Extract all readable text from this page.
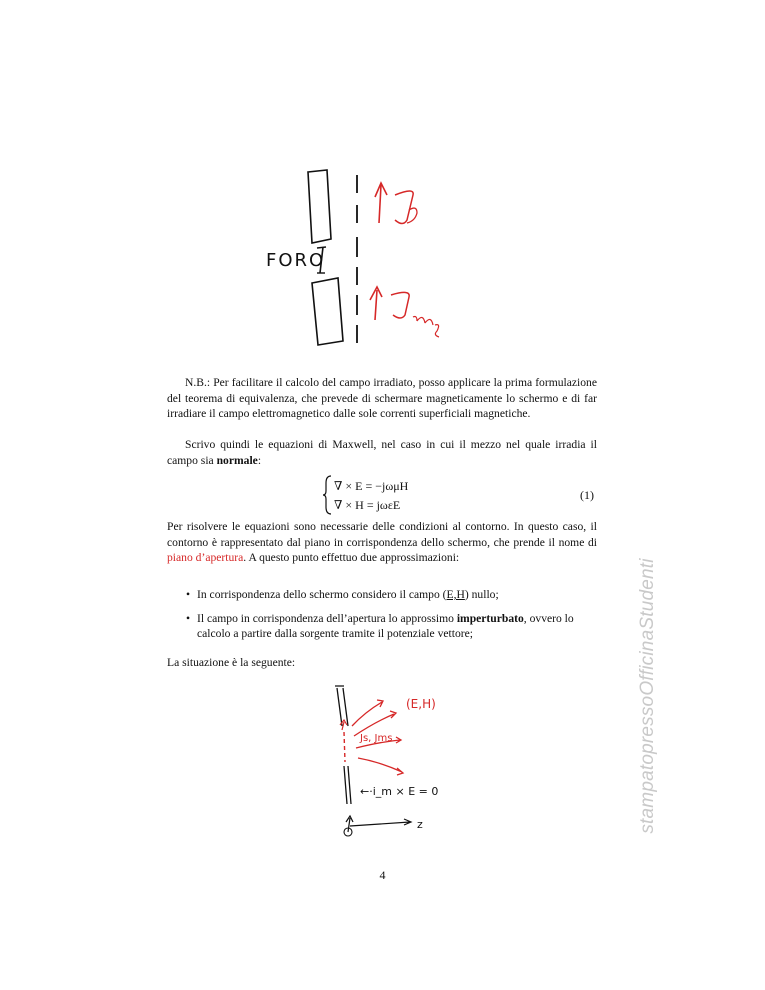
FORO

N.B.: Per facilitare il calcolo del campo irradiato, posso applicare la prima formulazione del teorema di equivalenza, che prevede di schermare magneticamente lo schermo e di far irradiare il campo elettromagnetico dalle sole correnti superficiali magnetiche.

Scrivo quindi le equazioni di Maxwell, nel caso in cui il mezzo nel quale irradia il campo sia normale:

∇ × E = −jωμH
∇ × H = jωεE
(1)

Per risolvere le equazioni sono necessarie delle condizioni al contorno. In questo caso, il contorno è rappresentato dal piano in corrispondenza dello schermo, che prende il nome di piano d’apertura. A questo punto effettuo due approssimazioni:

• In corrispondenza dello schermo considero il campo (E,H) nullo;
• Il campo in corrispondenza dell’apertura lo approssimo imperturbato, ovvero lo calcolo a partire dalla sorgente tramite il potenziale vettore;

La situazione è la seguente:

(E,H)
Js, Jms
←·i_m × E = 0
z
4
stampatopressoOfficinaStudenti
